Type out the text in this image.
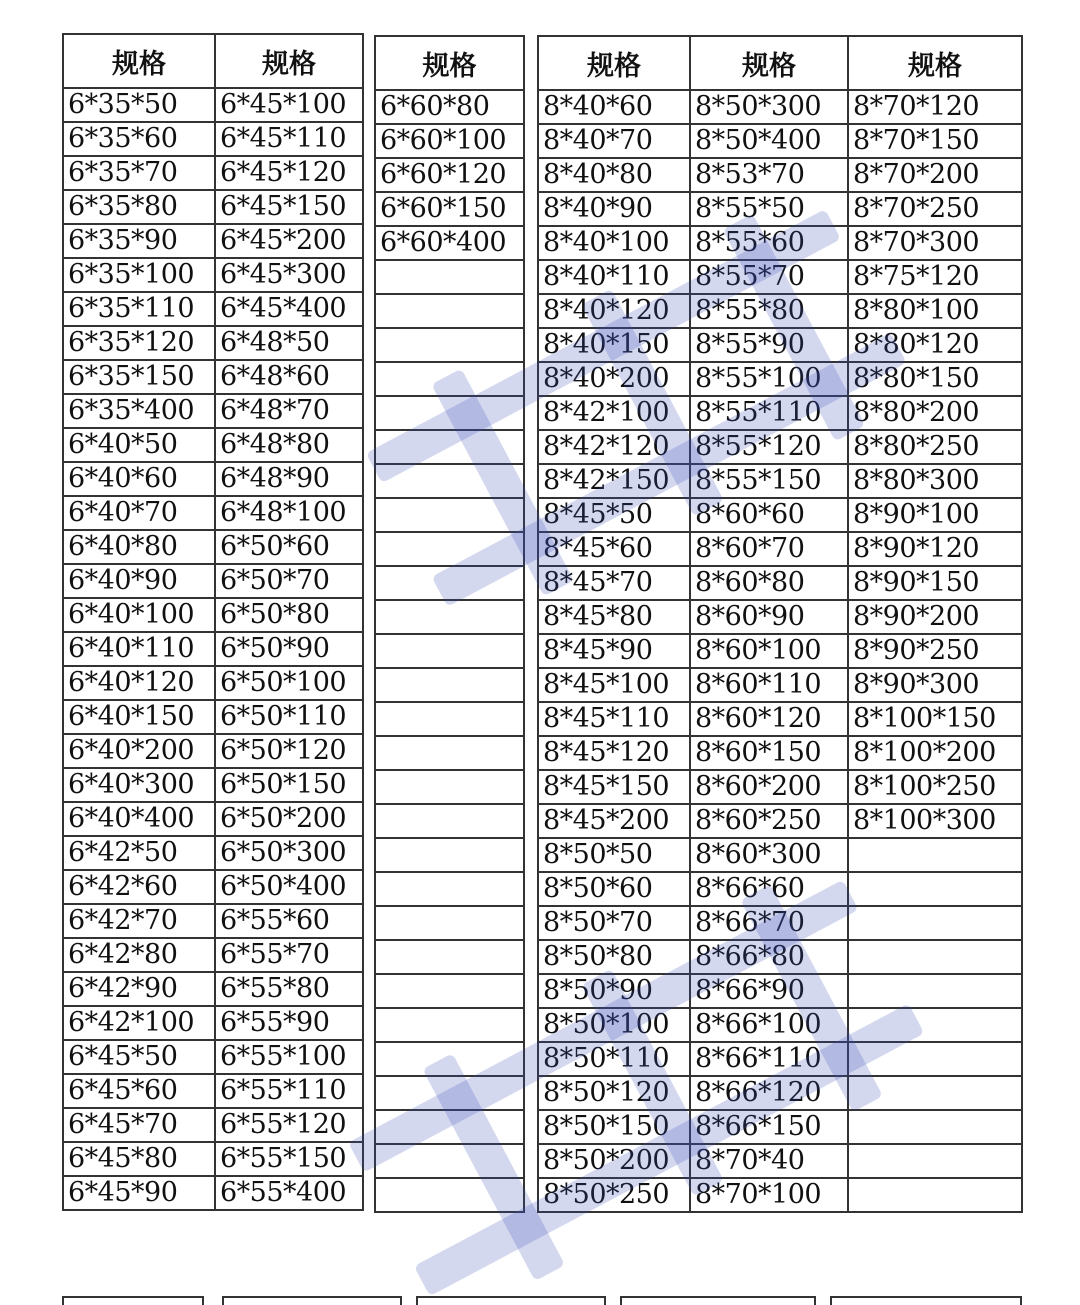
规格	规格
6*35*50	6*45*100
6*35*60	6*45*110
6*35*70	6*45*120
6*35*80	6*45*150
6*35*90	6*45*200
6*35*100	6*45*300
6*35*110	6*45*400
6*35*120	6*48*50
6*35*150	6*48*60
6*35*400	6*48*70
6*40*50	6*48*80
6*40*60	6*48*90
6*40*70	6*48*100
6*40*80	6*50*60
6*40*90	6*50*70
6*40*100	6*50*80
6*40*110	6*50*90
6*40*120	6*50*100
6*40*150	6*50*110
6*40*200	6*50*120
6*40*300	6*50*150
6*40*400	6*50*200
6*42*50	6*50*300
6*42*60	6*50*400
6*42*70	6*55*60
6*42*80	6*55*70
6*42*90	6*55*80
6*42*100	6*55*90
6*45*50	6*55*100
6*45*60	6*55*110
6*45*70	6*55*120
6*45*80	6*55*150
6*45*90	6*55*400
规格
6*60*80
6*60*100
6*60*120
6*60*150
6*60*400

规格	规格	规格
8*40*60	8*50*300	8*70*120
8*40*70	8*50*400	8*70*150
8*40*80	8*53*70	8*70*200
8*40*90	8*55*50	8*70*250
8*40*100	8*55*60	8*70*300
8*40*110	8*55*70	8*75*120
8*40*120	8*55*80	8*80*100
8*40*150	8*55*90	8*80*120
8*40*200	8*55*100	8*80*150
8*42*100	8*55*110	8*80*200
8*42*120	8*55*120	8*80*250
8*42*150	8*55*150	8*80*300
8*45*50	8*60*60	8*90*100
8*45*60	8*60*70	8*90*120
8*45*70	8*60*80	8*90*150
8*45*80	8*60*90	8*90*200
8*45*90	8*60*100	8*90*250
8*45*100	8*60*110	8*90*300
8*45*110	8*60*120	8*100*150
8*45*120	8*60*150	8*100*200
8*45*150	8*60*200	8*100*250
8*45*200	8*60*250	8*100*300
8*50*50	8*60*300	
8*50*60	8*66*60	
8*50*70	8*66*70	
8*50*80	8*66*80	
8*50*90	8*66*90	
8*50*100	8*66*100	
8*50*110	8*66*110	
8*50*120	8*66*120	
8*50*150	8*66*150	
8*50*200	8*70*40	
8*50*250	8*70*100	
